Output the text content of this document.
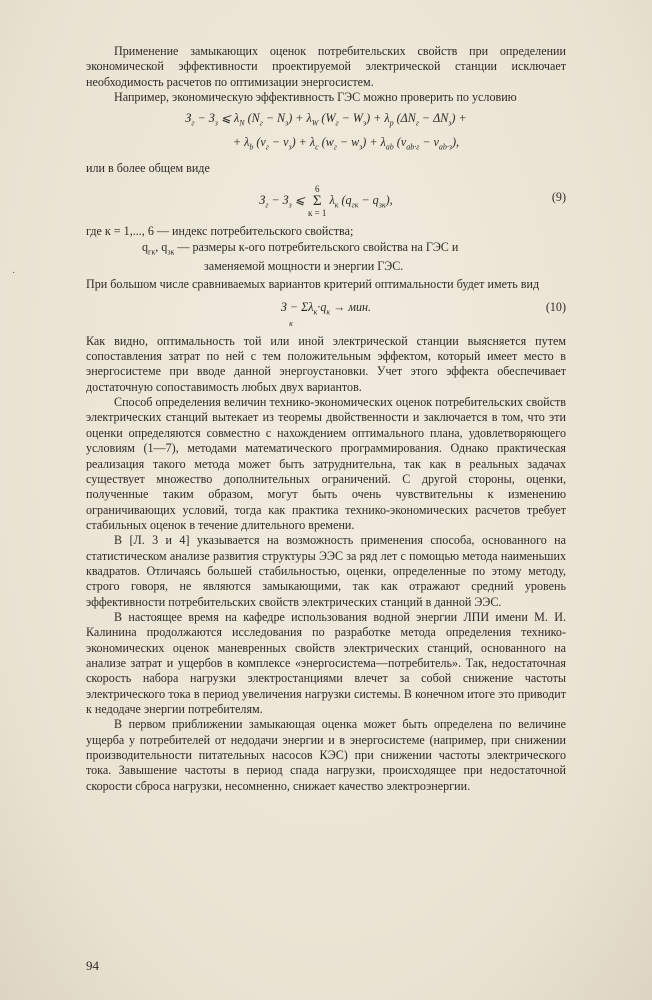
·

Применение замыкающих оценок потребительских свойств при определении экономической эффективности проектируемой электрической станции исключает необходимость расчетов по оптимизации энергосистем.

Например, экономическую эффективность ГЭС можно проверить по условию

$З_г - З_з$ ⩽ $\lambda_N$ $(N_г - N_з) + \lambda_W$ $(W_г - W_з) + \lambda_p$ $(\Delta N_г - \Delta N_з)$ +
+ $\lambda_b$ $(v_г - v_з) + \lambda_c$ $(w_г - w_з) + \lambda_{ab}$ $(v_{ab\cdot г} - v_{ab\cdot з})$,

или в более общем виде

$З_г - З_з$ ⩽
6
Σ
к = 1
$\lambda_к$ $(q_{гк} - q_{зк})$,	(9)

где к = 1,..., 6 — индекс потребительского свойства;

$q_{гк}$, $q_{зк}$ — размеры к-ого потребительского свойства на ГЭС и

заменяемой мощности и энергии ГЭС.

При большом числе сравниваемых вариантов критерий оптимальности будет иметь вид

$З - \Sigma\lambda_к\cdot q_к$ → мин.
к
(10)

Как видно, оптимальность той или иной электрической станции выясняется путем сопоставления затрат по ней с тем положительным эффектом, который имеет место в энергосистеме при вводе данной энергоустановки. Учет этого эффекта обеспечивает достаточную сопоставимость любых двух вариантов.

Способ определения величин технико-экономических оценок потребительских свойств электрических станций вытекает из теоремы двойственности и заключается в том, что эти оценки определяются совместно с нахождением оптимального плана, удовлетворяющего условиям (1—7), методами математического программирования. Однако практическая реализация такого метода может быть затруднительна, так как в реальных задачах существует множество дополнительных ограничений. С другой стороны, оценки, полученные таким образом, могут быть очень чувствительны к изменению ограничивающих условий, тогда как практика технико-экономических расчетов требует стабильных оценок в течение длительного времени.

В [Л. 3 и 4] указывается на возможность применения способа, основанного на статистическом анализе развития структуры ЭЭС за ряд лет с помощью метода наименьших квадратов. Отличаясь большей стабильностью, оценки, определенные по этому методу, строго говоря, не являются замыкающими, так как отражают средний уровень эффективности потребительских свойств электрических станций в данной ЭЭС.

В настоящее время на кафедре использования водной энергии ЛПИ имени М. И. Калинина продолжаются исследования по разработке метода определения технико-экономических оценок маневренных свойств электрических станций, основанного на анализе затрат и ущербов в комплексе «энергосистема—потребитель». Так, недостаточная скорость набора нагрузки электростанциями влечет за собой снижение частоты электрического тока в период увеличения нагрузки системы. В конечном итоге это приводит к недодаче энергии потребителям.

В первом приближении замыкающая оценка может быть определена по величине ущерба у потребителей от недодачи энергии и в энергосистеме (например, при снижении производительности питательных насосов КЭС) при снижении частоты электрического тока. Завышение частоты в период спада нагрузки, происходящее при недостаточной скорости сброса нагрузки, несомненно, снижает качество электроэнергии.

94
